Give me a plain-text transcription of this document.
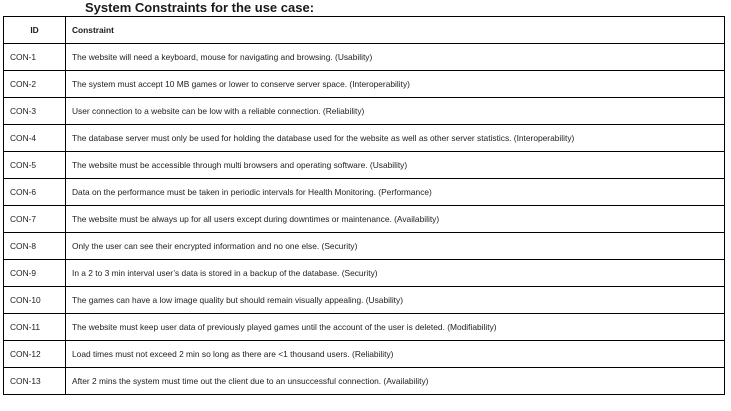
System Constraints for the use case:
ID	Constraint
CON-1	The website will need a keyboard, mouse for navigating and browsing. (Usability)
CON-2	The system must accept 10 MB games or lower to conserve server space. (Interoperability)
CON-3	User connection to a website can be low with a reliable connection. (Reliability)
CON-4	The database server must only be used for holding the database used for the website as well as other server statistics. (Interoperability)
CON-5	The website must be accessible through multi browsers and operating software. (Usability)
CON-6	Data on the performance must be taken in periodic intervals for Health Monitoring. (Performance)
CON-7	The website must be always up for all users except during downtimes or maintenance. (Availability)
CON-8	Only the user can see their encrypted information and no one else. (Security)
CON-9	In a 2 to 3 min interval user’s data is stored in a backup of the database. (Security)
CON-10	The games can have a low image quality but should remain visually appealing. (Usability)
CON-11	The website must keep user data of previously played games until the account of the user is deleted. (Modifiability)
CON-12	Load times must not exceed 2 min so long as there are <1 thousand users. (Reliability)
CON-13	After 2 mins the system must time out the client due to an unsuccessful connection. (Availability)
